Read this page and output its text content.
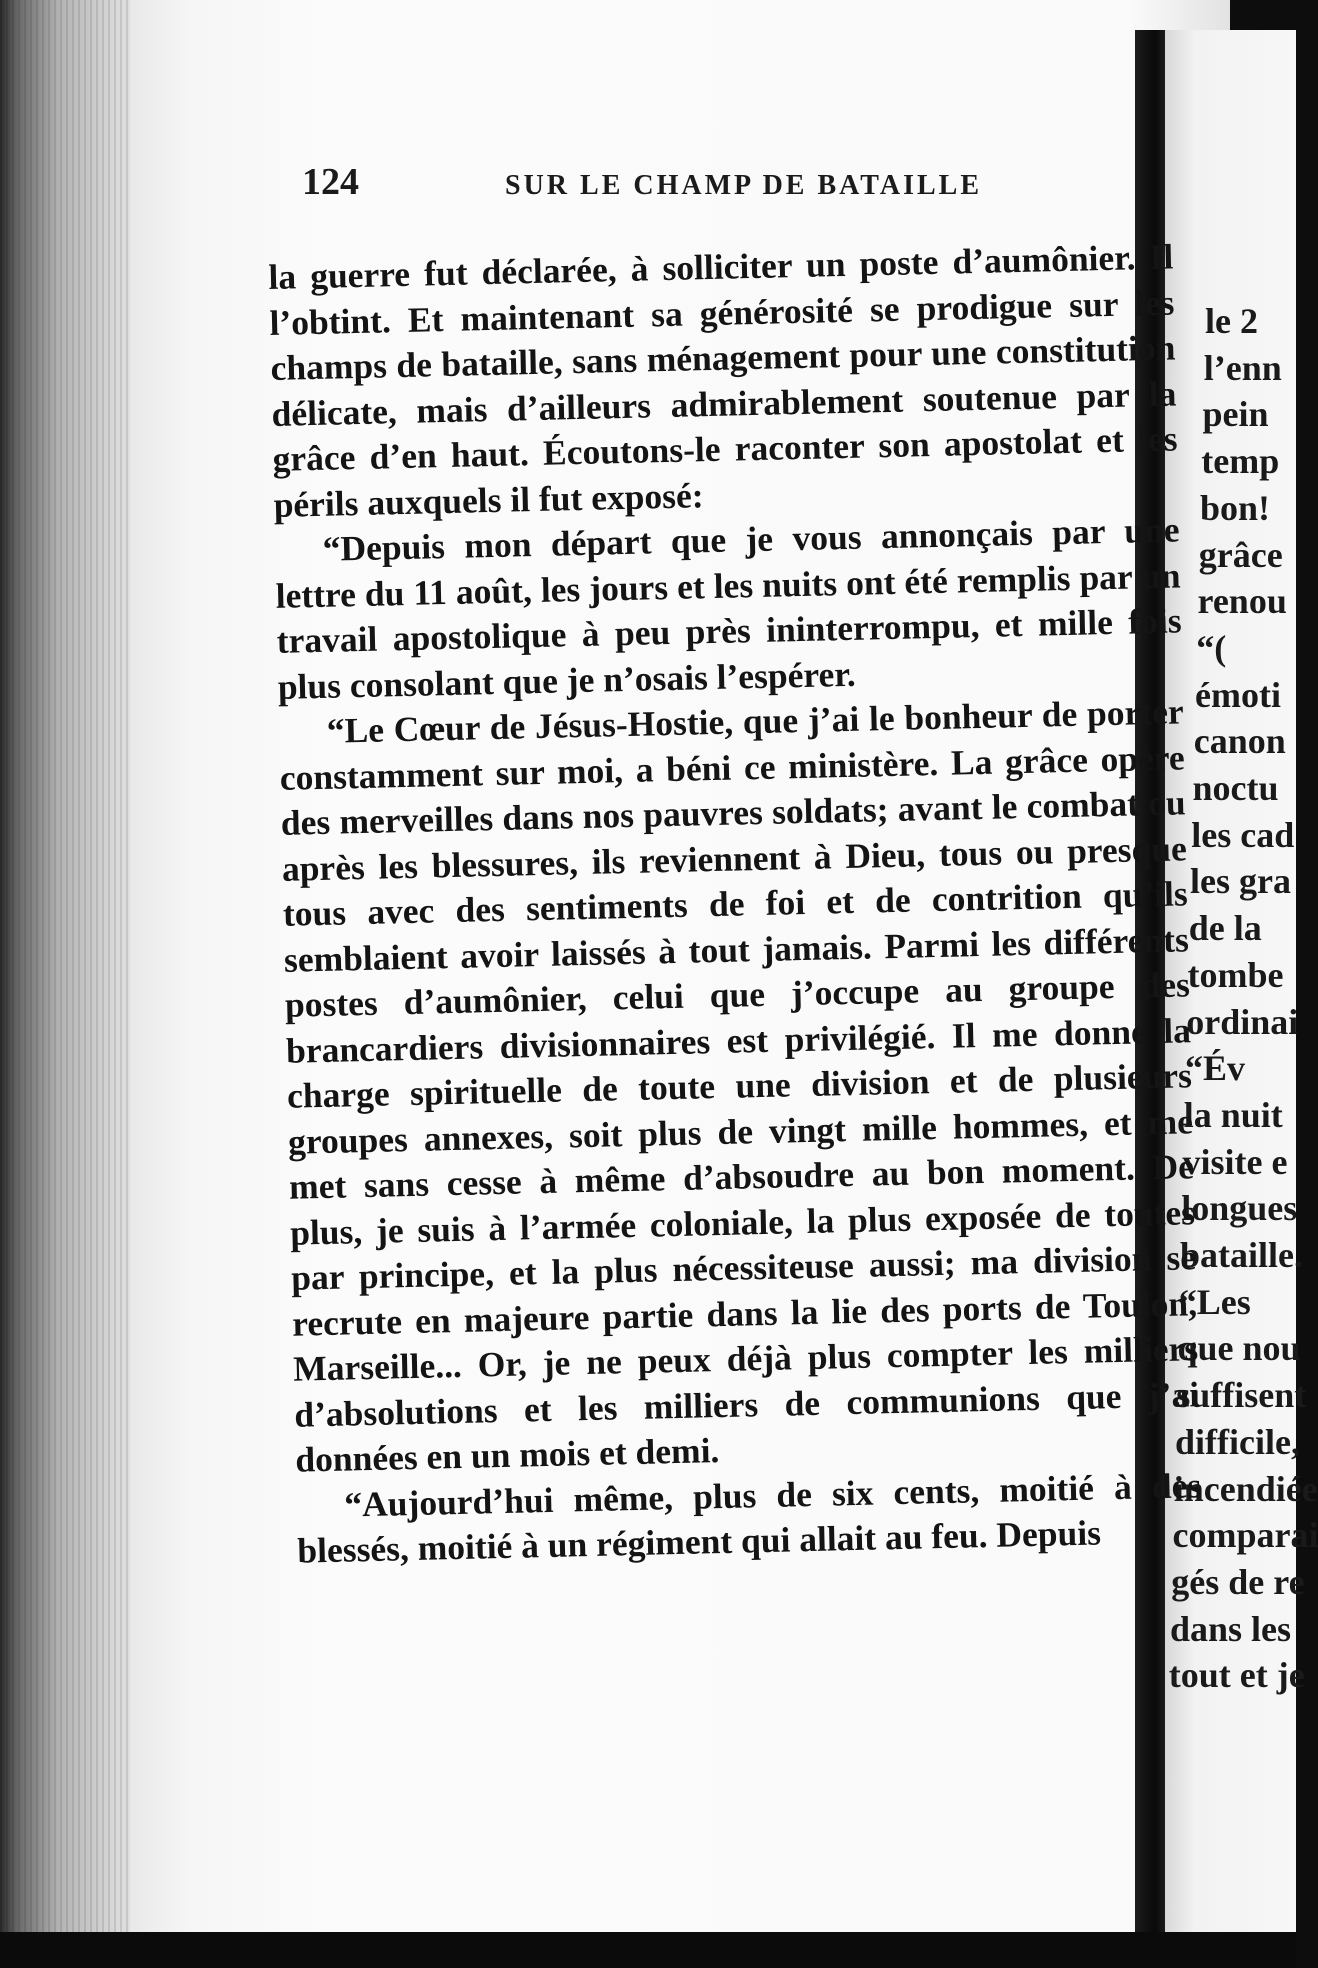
le 2
l’enn
pein
temp
bon!
grâce
renou
“(
émoti
canon
noctu
les cad
les gra
de la
tombe
ordinai
“Év
la nuit
visite e
longues
bataille.
“Les
que nou
suffisent
difficile,
incendiée
comparai
gés de re
dans les
tout et je
124	SUR LE CHAMP DE BATAILLE

la guerre fut déclarée, à solliciter un poste d’aumônier. Il l’obtint. Et maintenant sa générosité se prodigue sur les champs de bataille, sans ménagement pour une constitution délicate, mais d’ailleurs admirablement soutenue par la grâce d’en haut. Écoutons-le raconter son apostolat et les périls auxquels il fut exposé:

“Depuis mon départ que je vous annonçais par une lettre du 11 août, les jours et les nuits ont été remplis par un travail apostolique à peu près ininterrompu, et mille fois plus consolant que je n’osais l’espérer.

“Le Cœur de Jésus-Hostie, que j’ai le bonheur de porter constamment sur moi, a béni ce ministère. La grâce opère des merveilles dans nos pauvres soldats; avant le combat ou après les blessures, ils reviennent à Dieu, tous ou presque tous avec des sentiments de foi et de contrition qu’ils semblaient avoir laissés à tout jamais. Parmi les différents postes d’aumônier, celui que j’occupe au groupe des brancardiers divisionnaires est privilégié. Il me donne la charge spirituelle de toute une division et de plusieurs groupes annexes, soit plus de vingt mille hommes, et me met sans cesse à même d’absoudre au bon moment. De plus, je suis à l’armée coloniale, la plus exposée de toutes par principe, et la plus nécessiteuse aussi; ma division se recrute en majeure partie dans la lie des ports de Toulon, Marseille... Or, je ne peux déjà plus compter les milliers d’absolutions et les milliers de communions que j’ai données en un mois et demi.

“Aujourd’hui même, plus de six cents, moitié à des blessés, moitié à un régiment qui allait au feu. Depuis
